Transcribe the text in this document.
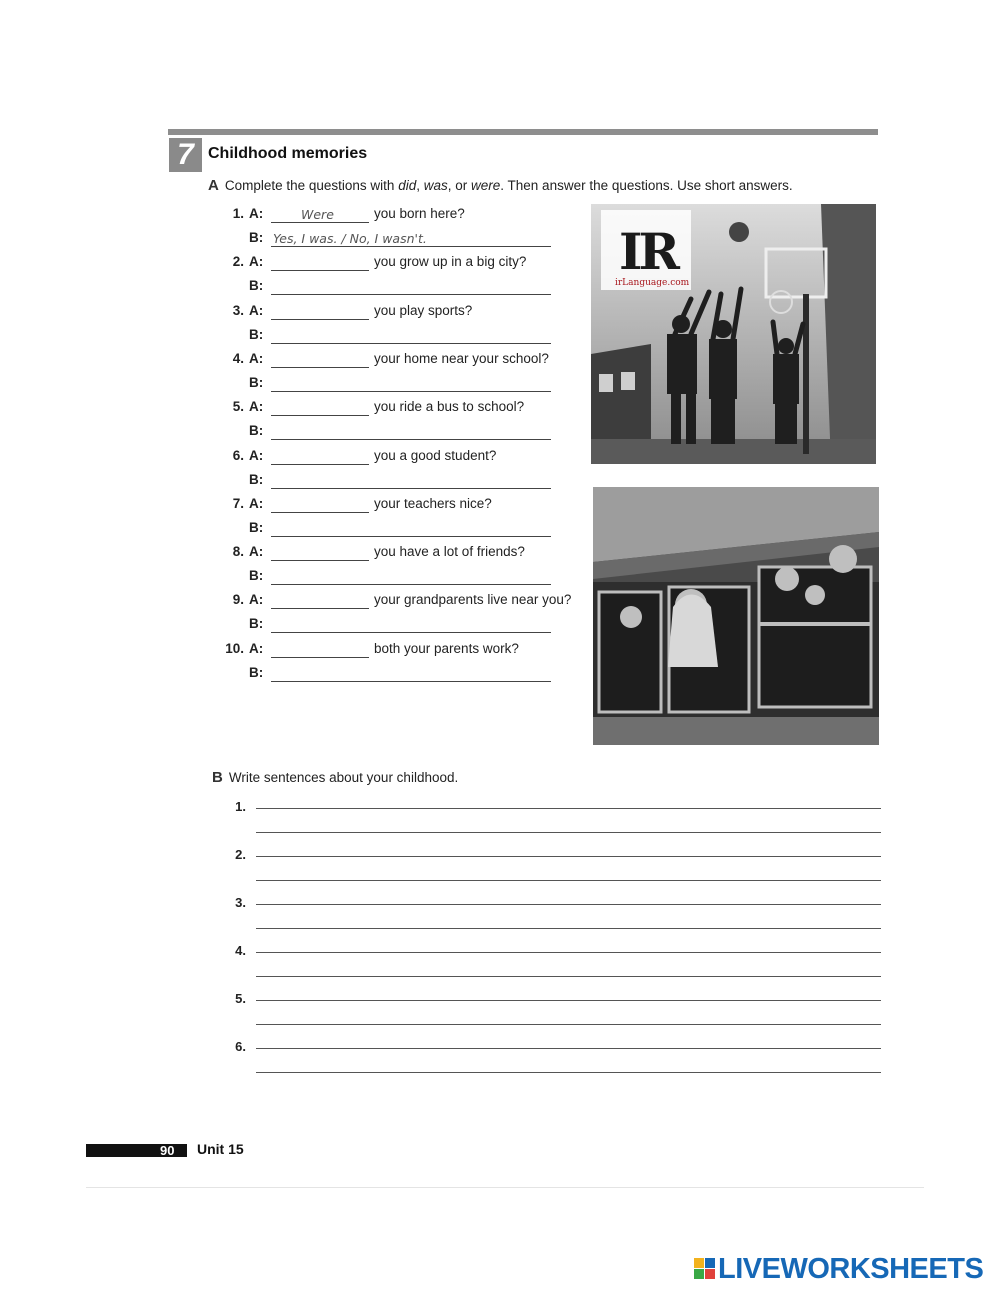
7 Childhood memories
A Complete the questions with did, was, or were. Then answer the questions. Use short answers.
1. A:	Were	you born here?
B: Yes, I was. / No, I wasn't.
2. A:	you grow up in a big city?
B:
3. A:	you play sports?
B:
4. A:	your home near your school?
B:
5. A:	you ride a bus to school?
B:
6. A:	you a good student?
B:
7. A:	your teachers nice?
B:
8. A:	you have a lot of friends?
B:
9. A:	your grandparents live near you?
B:
10. A:	both your parents work?
B:
IR
irLanguage.com
B Write sentences about your childhood.
1.
2.
3.
4.
5.
6.
90 Unit 15
LIVEWORKSHEETS
